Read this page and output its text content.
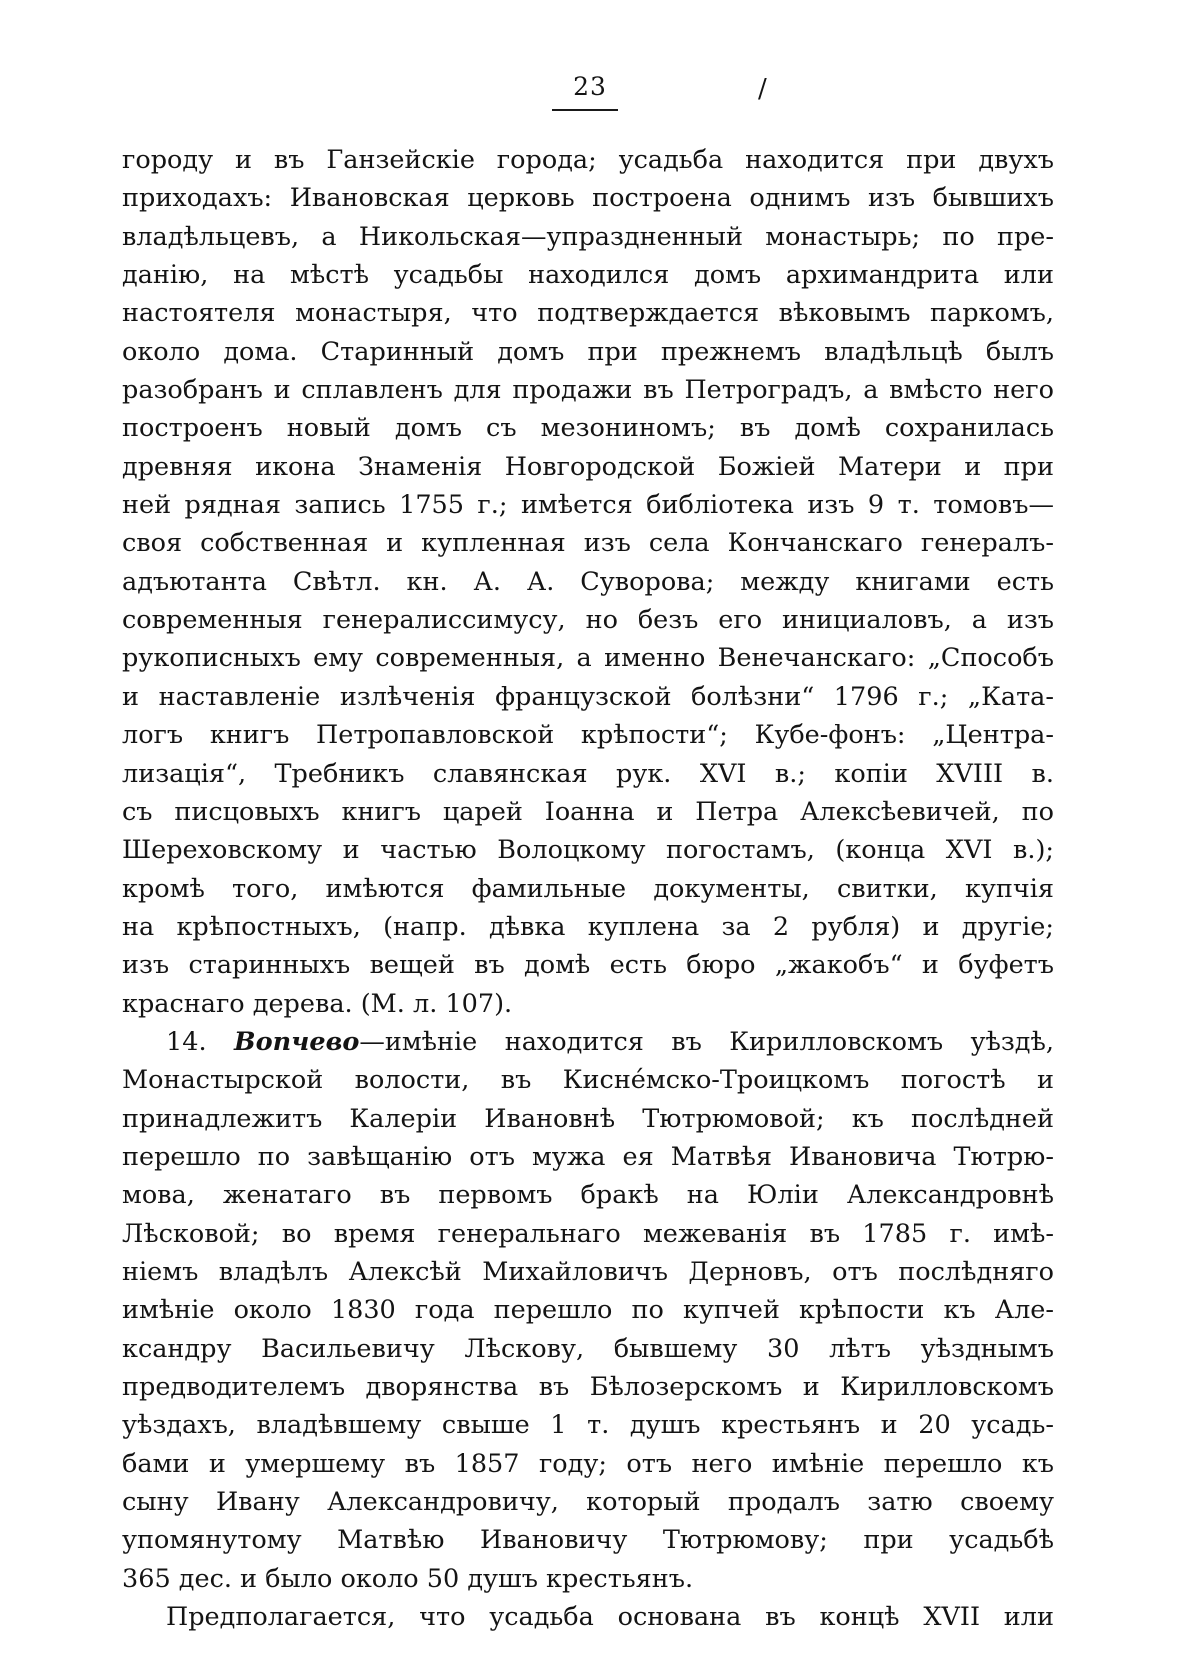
23	/
городу и въ Ганзейскiе города; усадьба находится при двухъ
приходахъ: Ивановская церковь построена однимъ изъ бывшихъ
владѣльцевъ, а Никольская—упраздненный монастырь; по пре-
данiю, на мѣстѣ усадьбы находился домъ архимандрита или
настоятеля монастыря, что подтверждается вѣковымъ паркомъ,
около дома. Старинный домъ при прежнемъ владѣльцѣ былъ
разобранъ и сплавленъ для продажи въ Петроградъ, а вмѣсто него
построенъ новый домъ съ мезониномъ; въ домѣ сохранилась
древняя икона Знаменiя Новгородской Божiей Матери и при
ней рядная запись 1755 г.; имѣется библiотека изъ 9 т. томовъ—
своя собственная и купленная изъ села Кончанскаго генералъ-
адъютанта Свѣтл. кн. А. А. Суворова; между книгами есть
современныя генералиссимусу, но безъ его инициаловъ, а изъ
рукописныхъ ему современныя, а именно Венечанскаго: „Способъ
и наставленiе излѣченiя французской болѣзни“ 1796 г.; „Ката-
логъ книгъ Петропавловской крѣпости“; Кубе-фонъ: „Центра-
лизацiя“, Требникъ славянская рук. XVI в.; копiи XVIII в.
съ писцовыхъ книгъ царей Iоанна и Петра Алексѣевичей, по
Шереховскому и частью Волоцкому погостамъ, (конца XVI в.);
кромѣ того, имѣются фамильные документы, свитки, купчiя
на крѣпостныхъ, (напр. дѣвка куплена за 2 рубля) и другiе;
изъ старинныхъ вещей въ домѣ есть бюро „жакобъ“ и буфетъ
краснаго дерева. (М. л. 107).
14. Вопчево—имѣнiе находится въ Кирилловскомъ уѣздѣ,
Монастырской волости, въ Кисне́мско-Троицкомъ погостѣ и
принадлежитъ Калерiи Ивановнѣ Тютрюмовой; къ послѣдней
перешло по завѣщанiю отъ мужа ея Матвѣя Ивановича Тютрю-
мова, женатаго въ первомъ бракѣ на Юлiи Александровнѣ
Лѣсковой; во время генеральнаго межеванiя въ 1785 г. имѣ-
нiемъ владѣлъ Алексѣй Михайловичъ Дерновъ, отъ послѣдняго
имѣнiе около 1830 года перешло по купчей крѣпости къ Але-
ксандру Васильевичу Лѣскову, бывшему 30 лѣтъ уѣзднымъ
предводителемъ дворянства въ Бѣлозерскомъ и Кирилловскомъ
уѣздахъ, владѣвшему свыше 1 т. душъ крестьянъ и 20 усадь-
бами и умершему въ 1857 году; отъ него имѣнiе перешло къ
сыну Ивану Александровичу, который продалъ затю своему
упомянутому Матвѣю Ивановичу Тютрюмову; при усадьбѣ
365 дес. и было около 50 душъ крестьянъ.
Предполагается, что усадьба основана въ концѣ XVII или
